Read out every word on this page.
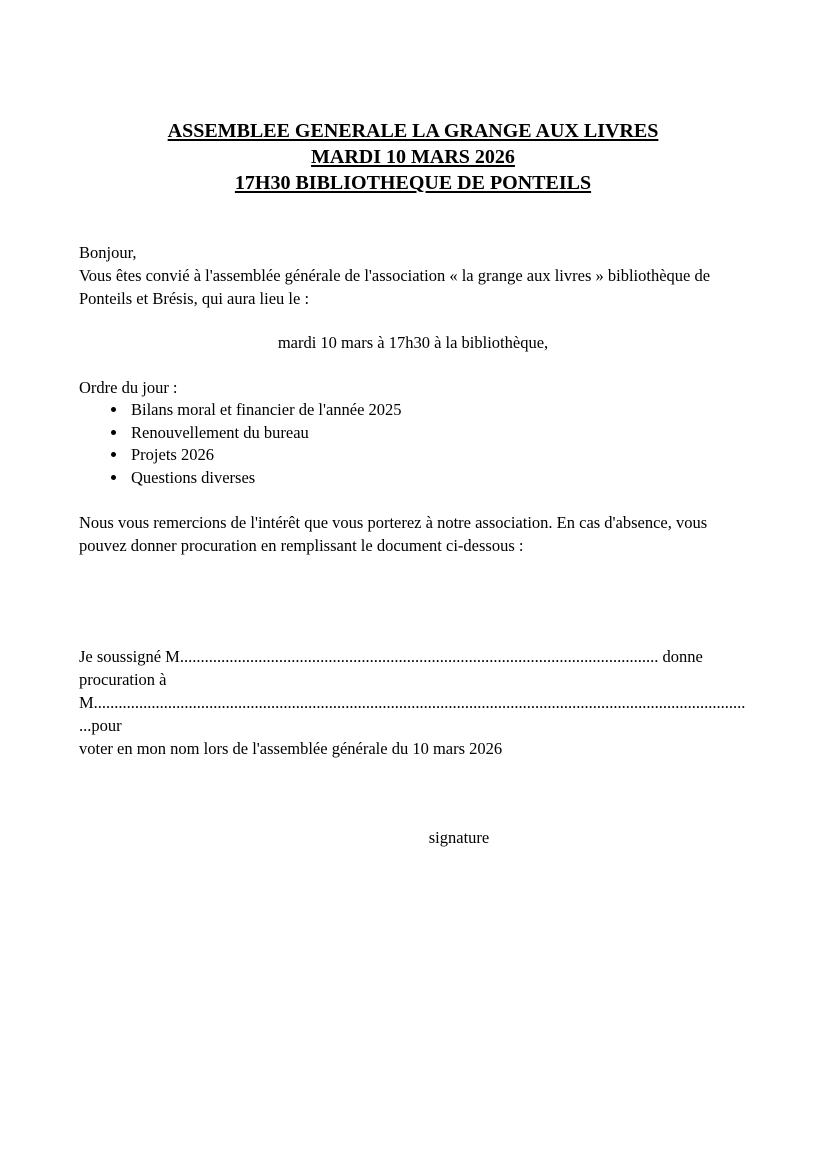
ASSEMBLEE GENERALE LA GRANGE AUX LIVRES
MARDI 10 MARS 2026
17H30 BIBLIOTHEQUE DE PONTEILS

Bonjour,

Vous êtes convié à l'assemblée générale de l'association « la grange aux livres » bibliothèque de Ponteils et Brésis, qui aura lieu le :

mardi 10 mars à 17h30 à la bibliothèque,

Ordre du jour :

• Bilans moral et financier de l'année 2025
• Renouvellement du bureau
• Projets 2026
• Questions diverses

Nous vous remercions de l'intérêt que vous porterez à notre association. En cas d'absence, vous pouvez donner procuration en remplissant le document ci-dessous :

Je soussigné M.................................................................................................................... donne procuration à
M.................................................................................................................................................................pour
voter en mon nom lors de l'assemblée générale du 10 mars 2026

signature
